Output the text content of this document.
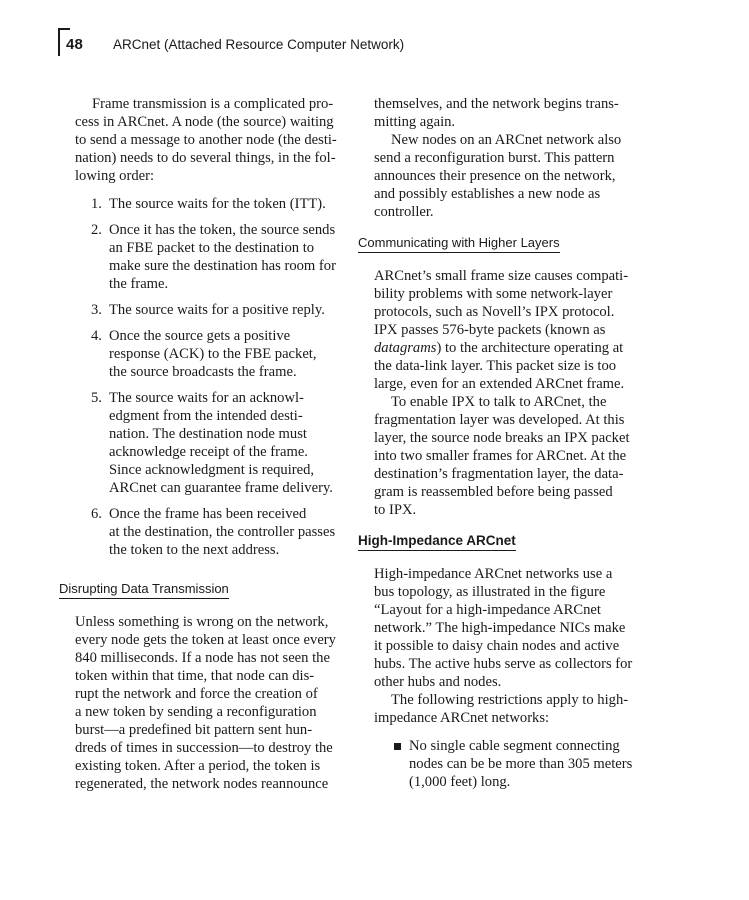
48 ARCnet (Attached Resource Computer Network)

Frame transmission is a complicated pro-
cess in ARCnet. A node (the source) waiting
to send a message to another node (the desti-
nation) needs to do several things, in the fol-
lowing order:

1. The source waits for the token (ITT).
2. Once it has the token, the source sends
an FBE packet to the destination to
make sure the destination has room for
the frame.
3. The source waits for a positive reply.
4. Once the source gets a positive
response (ACK) to the FBE packet,
the source broadcasts the frame.
5. The source waits for an acknowl-
edgment from the intended desti-
nation. The destination node must
acknowledge receipt of the frame.
Since acknowledgment is required,
ARCnet can guarantee frame delivery.
6. Once the frame has been received
at the destination, the controller passes
the token to the next address.
Disrupting Data Transmission

Unless something is wrong on the network,
every node gets the token at least once every
840 milliseconds. If a node has not seen the
token within that time, that node can dis-
rupt the network and force the creation of
a new token by sending a reconfiguration
burst—a predefined bit pattern sent hun-
dreds of times in succession—to destroy the
existing token. After a period, the token is
regenerated, the network nodes reannounce

themselves, and the network begins trans-
mitting again.

New nodes on an ARCnet network also
send a reconfiguration burst. This pattern
announces their presence on the network,
and possibly establishes a new node as
controller.

Communicating with Higher Layers

ARCnet’s small frame size causes compati-
bility problems with some network-layer
protocols, such as Novell’s IPX protocol.
IPX passes 576-byte packets (known as
datagrams) to the architecture operating at
the data-link layer. This packet size is too
large, even for an extended ARCnet frame.

To enable IPX to talk to ARCnet, the
fragmentation layer was developed. At this
layer, the source node breaks an IPX packet
into two smaller frames for ARCnet. At the
destination’s fragmentation layer, the data-
gram is reassembled before being passed
to IPX.

High-Impedance ARCnet

High-impedance ARCnet networks use a
bus topology, as illustrated in the figure
“Layout for a high-impedance ARCnet
network.” The high-impedance NICs make
it possible to daisy chain nodes and active
hubs. The active hubs serve as collectors for
other hubs and nodes.

The following restrictions apply to high-
impedance ARCnet networks:

No single cable segment connecting
nodes can be be more than 305 meters
(1,000 feet) long.
